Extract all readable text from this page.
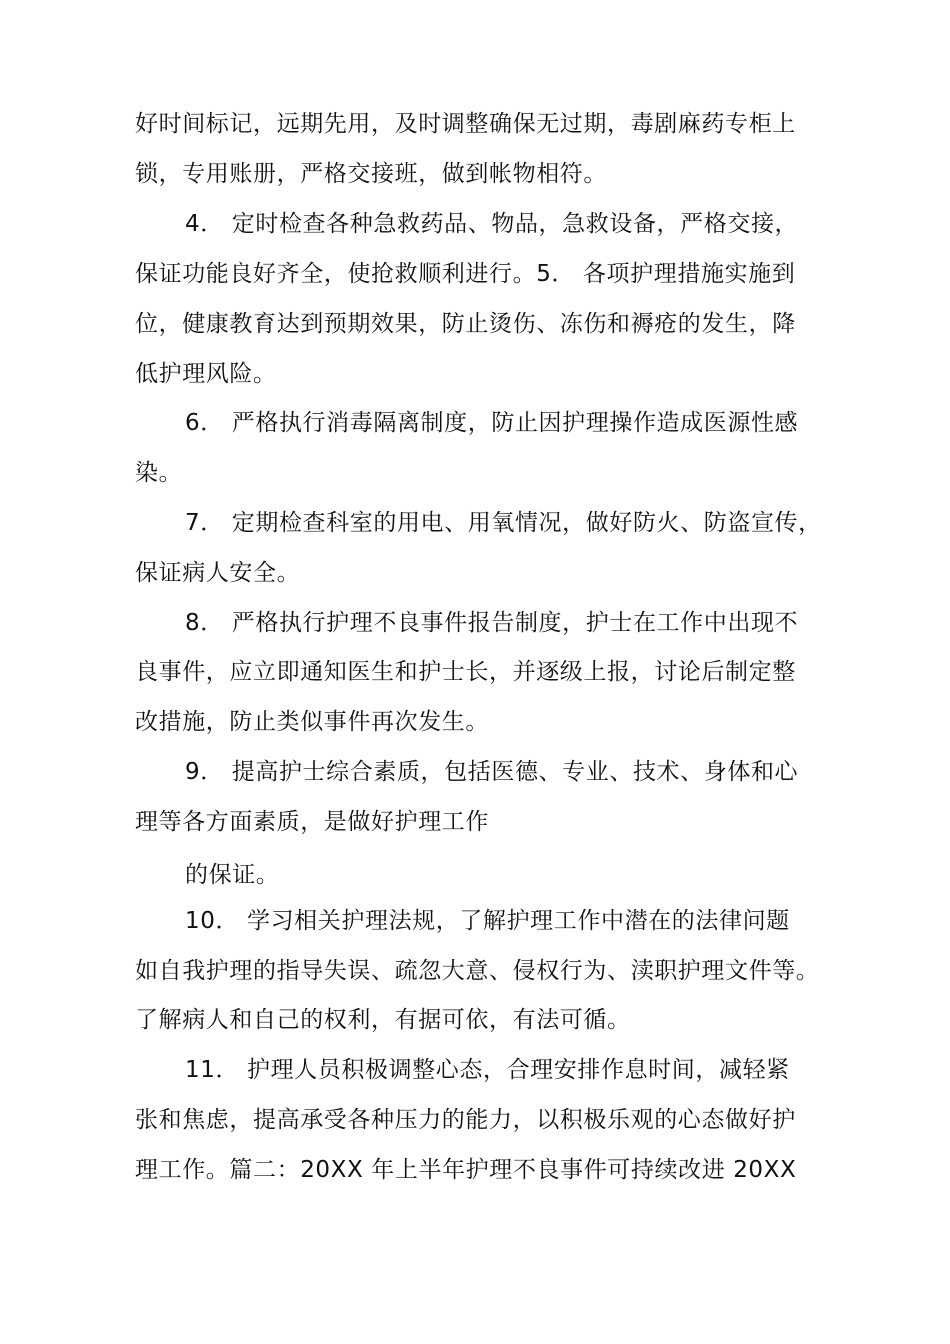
好时间标记，远期先用，及时调整确保无过期，毒剧麻药专柜上
锁，专用账册，严格交接班，做到帐物相符。
4． 定时检查各种急救药品、物品，急救设备，严格交接，
保证功能良好齐全，使抢救顺利进行。5． 各项护理措施实施到
位，健康教育达到预期效果，防止烫伤、冻伤和褥疮的发生，降
低护理风险。
6． 严格执行消毒隔离制度，防止因护理操作造成医源性感
染。
7． 定期检查科室的用电、用氧情况，做好防火、防盗宣传，
保证病人安全。
8． 严格执行护理不良事件报告制度，护士在工作中出现不
良事件，应立即通知医生和护士长，并逐级上报，讨论后制定整
改措施，防止类似事件再次发生。
9． 提高护士综合素质，包括医德、专业、技术、身体和心
理等各方面素质，是做好护理工作
的保证。
10． 学习相关护理法规，了解护理工作中潜在的法律问题
如自我护理的指导失误、疏忽大意、侵权行为、渎职护理文件等。
了解病人和自己的权利，有据可依，有法可循。
11． 护理人员积极调整心态，合理安排作息时间，减轻紧
张和焦虑，提高承受各种压力的能力，以积极乐观的心态做好护
理工作。篇二：20XX 年上半年护理不良事件可持续改进 20XX
